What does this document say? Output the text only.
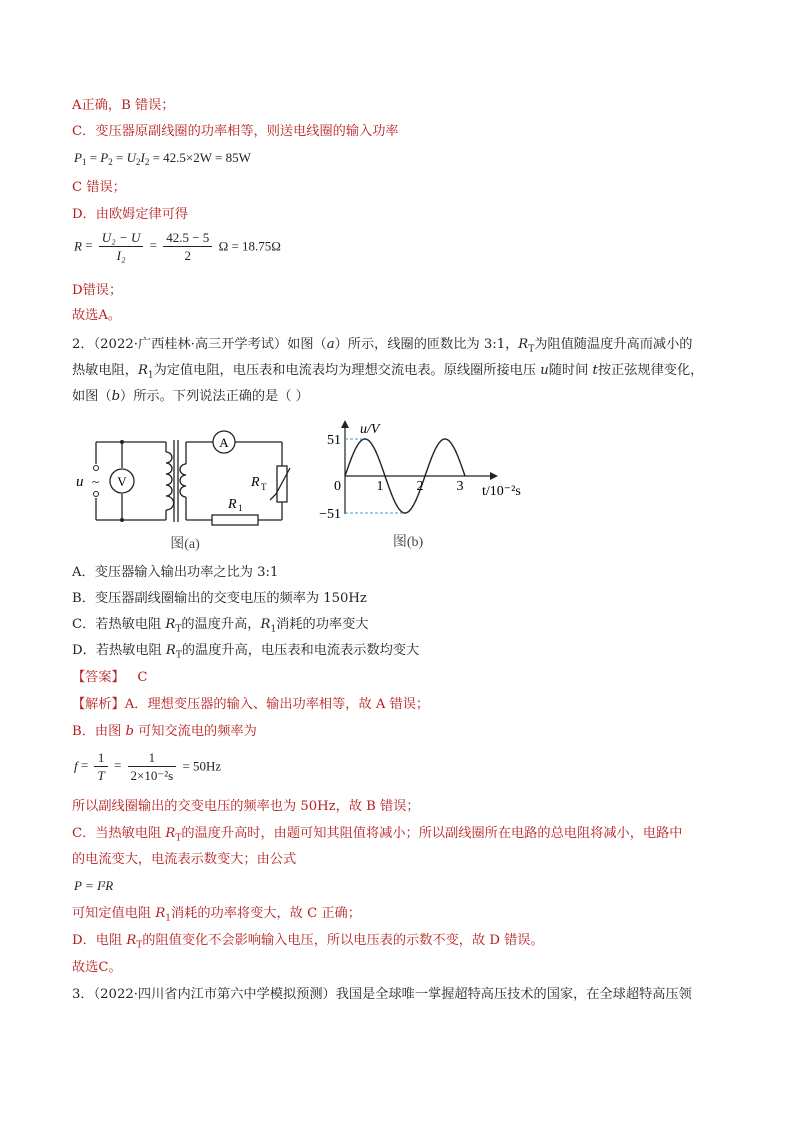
A正确，B 错误；
C．变压器原副线圈的功率相等，则送电线圈的输入功率
$P_1 = P_2 = U_2I_2 = 42.5\times 2W = 85W$
C 错误；
D．由欧姆定律可得
$R = \frac{\text{U₂ − U}}{\text{I₂}} = \frac{42.5 - 5}{2}$ Ω = 18.75Ω
D错误；
故选A。
2．（2022·广西桂林·高三开学考试）如图（a）所示，线圈的匝数比为 3:1，$R_T$为阻值随温度升高而减小的
热敏电阻，$R_1$为定值电阻，电压表和电流表均为理想交流电表。原线圈所接电压 u随时间 t按正弦规律变化，
如图（b）所示。下列说法正确的是（ ）
~
u
A
V	R T
R 1
图(a)
1 2 3
51
0
−51
u/V
t/10⁻²s
图(b)
A．变压器输入输出功率之比为 3:1
B．变压器副线圈输出的交变电压的频率为 150Hz
C．若热敏电阻 $R_T$的温度升高，$R_1$消耗的功率变大
D．若热敏电阻 $R_T$的温度升高，电压表和电流表示数均变大
【答案】 C
【解析】A．理想变压器的输入、输出功率相等，故 A 错误；
B．由图 b 可知交流电的频率为
$f = \frac{1}{T} = \frac{1}{\text{2×10⁻²s}} = 50Hz$
所以副线圈输出的交变电压的频率也为 50Hz，故 B 错误；
C．当热敏电阻 $R_T$的温度升高时，由题可知其阻值将减小；所以副线圈所在电路的总电阻将减小，电路中
的电流变大，电流表示数变大；由公式
P = I²R
可知定值电阻 $R_1$消耗的功率将变大，故 C 正确；
D．电阻 $R_T$的阻值变化不会影响输入电压，所以电压表的示数不变，故 D 错误。
故选C。
3．（2022·四川省内江市第六中学模拟预测）我国是全球唯一掌握超特高压技术的国家，在全球超特高压领
